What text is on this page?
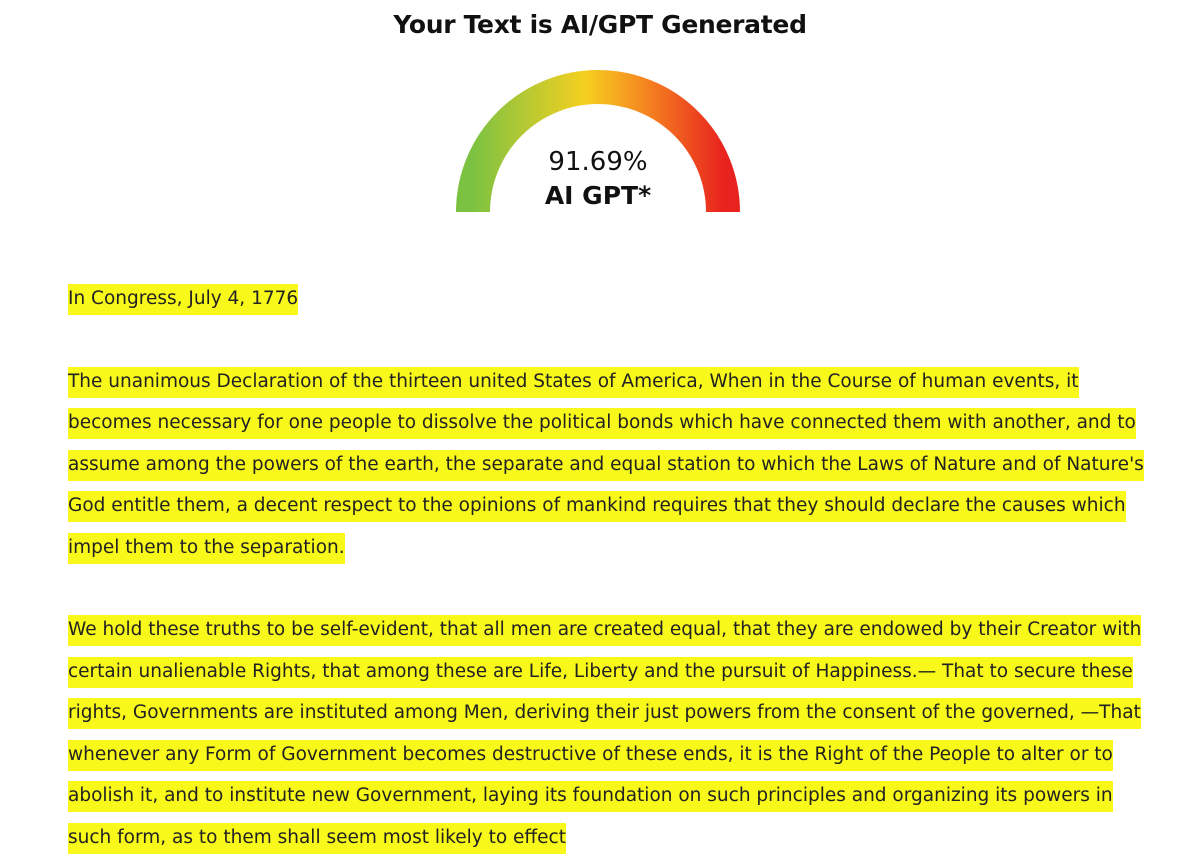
Your Text is AI/GPT Generated
91.69%
AI GPT*

In Congress, July 4, 1776

The unanimous Declaration of the thirteen united States of America, When in the Course of human events, it becomes necessary for one people to dissolve the political bonds which have connected them with another, and to assume among the powers of the earth, the separate and equal station to which the Laws of Nature and of Nature's God entitle them, a decent respect to the opinions of mankind requires that they should declare the causes which impel them to the separation.

We hold these truths to be self-evident, that all men are created equal, that they are endowed by their Creator with certain unalienable Rights, that among these are Life, Liberty and the pursuit of Happiness.— That to secure these rights, Governments are instituted among Men, deriving their just powers from the consent of the governed, —That whenever any Form of Government becomes destructive of these ends, it is the Right of the People to alter or to abolish it, and to institute new Government, laying its foundation on such principles and organizing its powers in such form, as to them shall seem most likely to effect
